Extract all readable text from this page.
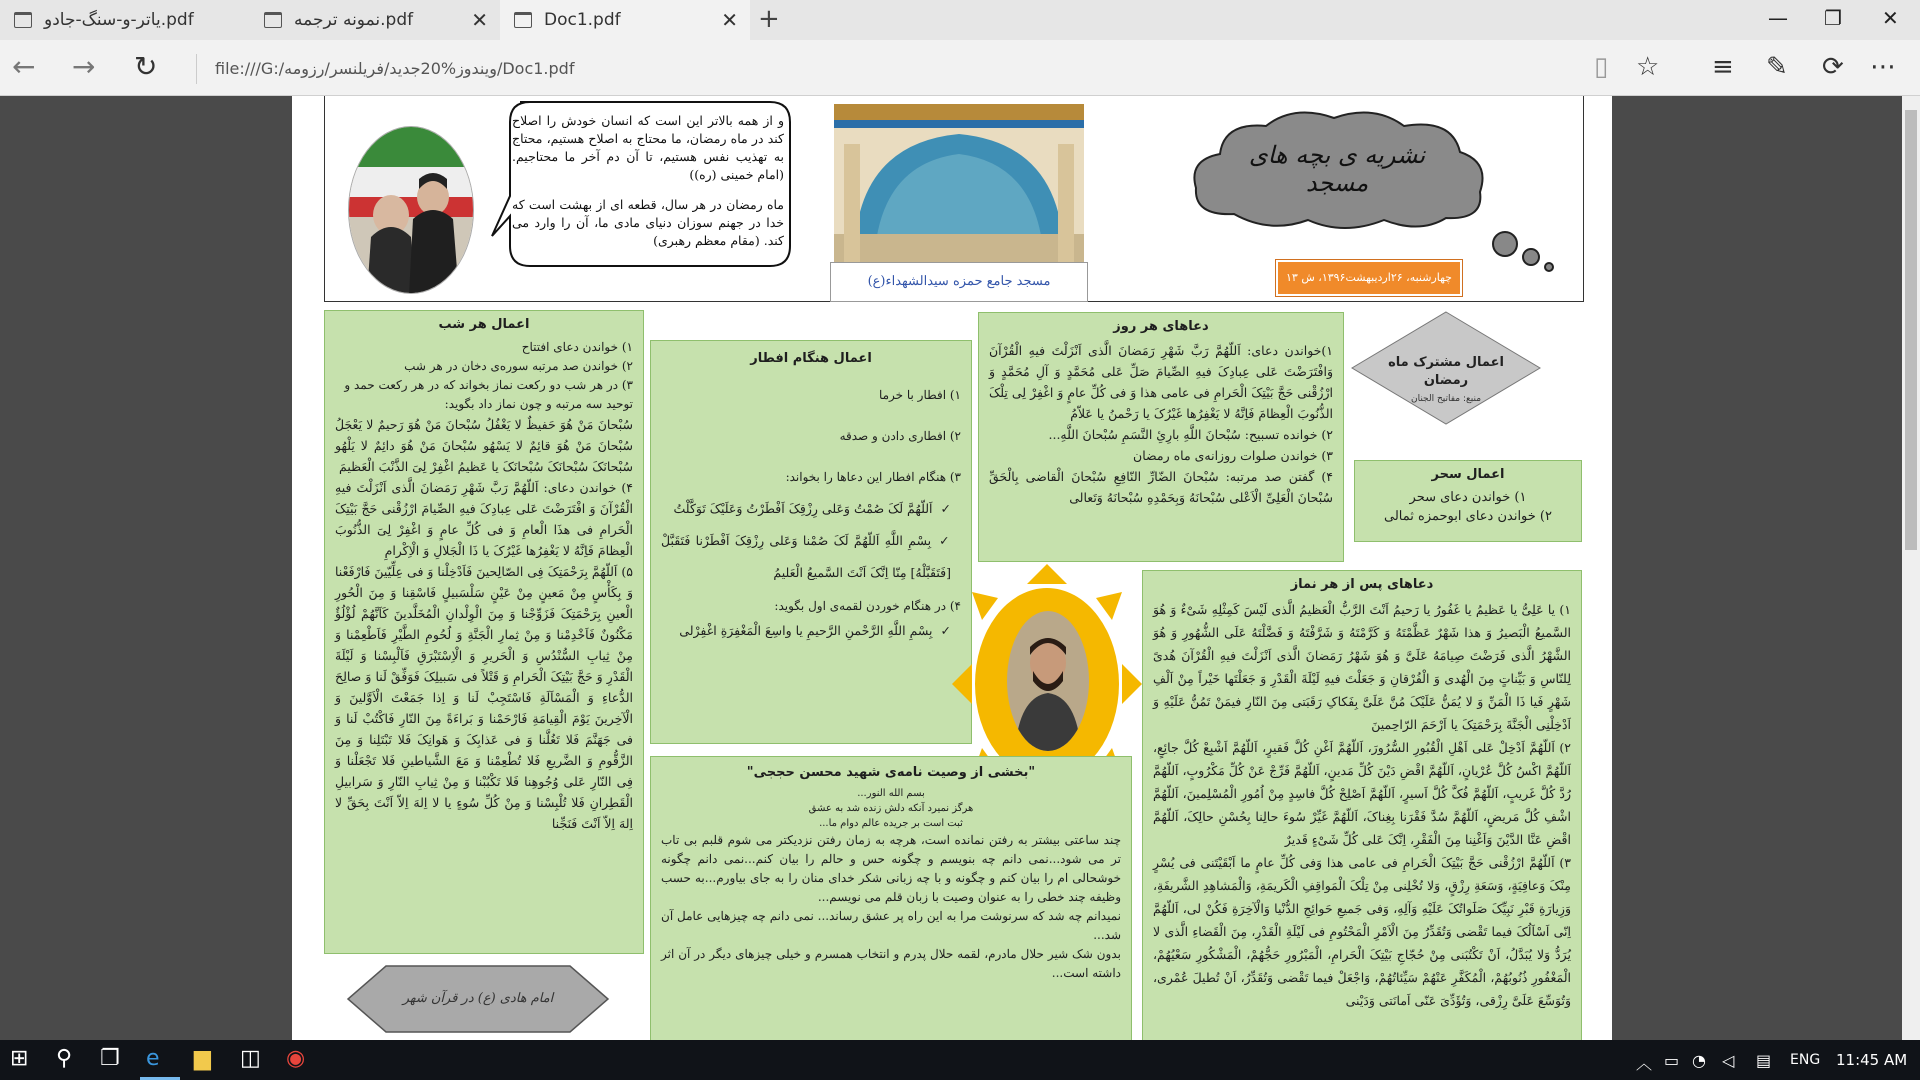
یاتر-و-سنگ-جادو.pdf	نمونه ترجمه.pdf	✕	Doc1.pdf	✕ +	— ❐ ✕
← → ↻	file:///G:/ویندوز%20جدید/فریلنسر/رزومه/Doc1.pdf	▯ ☆ ≡ ✎ ⟳ ⋯
و از همه بالاتر این است که انسان خودش را اصلاح کند در ماه رمضان، ما محتاج به اصلاح هستیم، محتاج به تهذیب نفس هستیم، تا آن دم آخر ما محتاجیم. (امام خمینی (ره))
ماه رمضان در هر سال، قطعه ای از بهشت است که خدا در جهنم سوزان دنیای مادی ما، آن را وارد می کند. (مقام معظم رهبری)
مسجد جامع حمزه سیدالشهداء(ع)
نشریه ی بچه های مسجد
چهارشنبه، ۲۶اردیبهشت۱۳۹۶، ش ۱۳
اعمال مشترک ماه رمضان
منبع: مفاتیح الجنان
اعمال سحر

۱) خواندن دعای سحر

۲) خواندن دعای ابوحمزه ثمالی

دعاهای هر روز
۱)خواندن دعای: اَللّهُمَّ رَبَّ شَهْرِ رَمَضانَ الَّذی اَنْزَلْتَ فیهِ الْقُرْآنَ وَافْتَرَضْتَ عَلی عِبادِکَ فیهِ الصِّیامَ صَلِّ عَلی مُحَمَّدٍ وَ آلِ مُحَمَّدٍ وَ ارْزُقْنی حَجَّ بَیْتِکَ الْحَرامِ فی عامی هذا وَ فی کُلِّ عامٍ وَ اغْفِرْ لِی تِلْکَ الذُّنُوبَ الْعِظامَ فَاِنَّهُ لا یَغْفِرُها غَیْرُکَ یا رَحْمنُ یا عَلاّمُ
۲) خوانده تسبیح: سُبْحانَ اللَّهِ بارِئِ النَّسَمِ سُبْحانَ اللَّهِ...
۳) خواندن صلوات روزانه‌ی ماه رمضان
۴) گفتن صد مرتبه: سُبْحانَ الضّارِّ النّافِعِ سُبْحانَ الْقاضی بِالْحَقِّ سُبْحانَ الْعَلِیِّ الْاَعْلی سُبْحانَهُ وَبِحَمْدِهِ سُبْحانَهُ وَتَعالی
اعمال هنگام افطار

۱) افطار با خرما

۲) افطاری دادن و صدقه

۳) هنگام افطار این دعاها را بخواند:

✓اَللّهُمَّ لَکَ صُمْتُ وَعَلی رِزْقِکَ اَفْطَرْتُ وَعَلَیْکَ تَوَکَّلْتُ
✓بِسْمِ اللَّهِ اَللّهُمَّ لَکَ صُمْنا وَعَلی رِزْقِکَ اَفْطَرْنا فَتَقَبَّلْ [فَتَقَبَّلْهُ] مِنّا اِنَّکَ اَنْتَ السَّمیعُ الْعَلیمُ

۴) در هنگام خوردن لقمه‌ی اول بگوید:

✓بِسْمِ اللَّهِ الرَّحْمنِ الرَّحیمِ یا واسِعَ الْمَغْفِرَةِ اغْفِرْلی
اعمال هر شب

۱) خواندن دعای افتتاح

۲) خواندن صد مرتبه سوره‌ی دخان در هر شب

۳) در هر شب دو رکعت نماز بخواند که در هر رکعت حمد و توحید سه مرتبه و چون نماز داد بگوید:

سُبْحانَ مَنْ هُوَ حَفیظٌ لا یَغْفُلُ سُبْحانَ مَنْ هُوَ رَحیمٌ لا یَعْجَلُ سُبْحانَ مَنْ هُوَ قائِمٌ لا یَسْهُو سُبْحانَ مَنْ هُوَ دائِمٌ لا یَلْهُو سُبْحانَکَ سُبْحانَکَ سُبْحانَکَ یا عَظیمُ اغْفِرْ لِیَ الذَّنْبَ الْعَظیمَ
۴) خواندن دعای: اَللّهُمَّ رَبَّ شَهْرِ رَمَضانَ الَّذی اَنْزَلْتَ فیهِ الْقُرْآنَ وَ افْتَرَضْتَ عَلی عِبادِکَ فیهِ الصِّیامَ ارْزُقْنی حَجَّ بَیْتِکَ الْحَرامِ فی هذَا الْعامِ وَ فی کُلِّ عامٍ وَ اغْفِرْ لِیَ الذُّنُوبَ الْعِظامَ فَاِنَّهُ لا یَغْفِرُها غَیْرُکَ یا ذَا الْجَلالِ وَ الْاِکْرامِ
۵) اَللّهُمَّ بِرَحْمَتِکَ فِی الصّالِحینَ فَاَدْخِلْنا وَ فی عِلِّیّینَ فَارْفَعْنا وَ بِکَأْسٍ مِنْ مَعینٍ مِنْ عَیْنٍ سَلْسَبیلٍ فَاسْقِنا وَ مِنَ الْحُورِ الْعینِ بِرَحْمَتِکَ فَزَوِّجْنا وَ مِنَ الْوِلْدانِ الْمُخَلَّدینَ کَاَنَّهُمْ لُؤْلُؤٌ مَکْنُونٌ فَاَخْدِمْنا وَ مِنْ ثِمارِ الْجَنَّةِ وَ لُحُومِ الطَّیْرِ فَاَطْعِمْنا وَ مِنْ ثِیابِ السُّنْدُسِ وَ الْحَریرِ وَ الْاِسْتَبْرَقِ فَاَلْبِسْنا وَ لَیْلَةَ الْقَدْرِ وَ حَجَّ بَیْتِکَ الْحَرامِ وَ قَتْلاً فی سَبیلِکَ فَوَفِّقْ لَنا وَ صالِحَ الدُّعاءِ وَ الْمَسْاَلَةِ فَاسْتَجِبْ لَنا وَ اِذا جَمَعْتَ الْاَوَّلینَ وَ الْآخِرینَ یَوْمَ الْقِیامَةِ فَارْحَمْنا وَ بَراءَةً مِنَ النّارِ فَاکْتُبْ لَنا وَ فی جَهَنَّمَ فَلا تَغُلَّنا وَ فی عَذابِکَ وَ هَوانِکَ فَلا تَبْتَلِنا وَ مِنَ الزَّقُّومِ وَ الضَّریعِ فَلا تُطْعِمْنا وَ مَعَ الشَّیاطینِ فَلا تَجْعَلْنا وَ فِی النّارِ عَلی وُجُوهِنا فَلا تَکْبُبْنا وَ مِنْ ثِیابِ النّارِ وَ سَرابیلِ الْقَطِرانِ فَلا تُلْبِسْنا وَ مِنْ کُلِّ سُوءٍ یا لا اِلهَ اِلاّ اَنْتَ بِحَقِّ لا اِلهَ اِلاّ اَنْتَ فَنَجِّنا
دعاهای پس از هر نماز
۱) یا عَلِیُّ یا عَظیمُ یا غَفُورُ یا رَحیمُ اَنْتَ الرَّبُّ الْعَظیمُ الَّذی لَیْسَ کَمِثْلِهِ شَیْءٌ وَ هُوَ السَّمیعُ الْبَصیرُ وَ هذا شَهْرٌ عَظَّمْتَهُ وَ کَرَّمْتَهُ وَ شَرَّفْتَهُ وَ فَضَّلْتَهُ عَلَی الشُّهُورِ وَ هُوَ الشَّهْرُ الَّذی فَرَضْتَ صِیامَهُ عَلَیَّ وَ هُوَ شَهْرُ رَمَضانَ الَّذی اَنْزَلْتَ فیهِ الْقُرْآنَ هُدیً لِلنّاسِ وَ بَیِّناتٍ مِنَ الْهُدی وَ الْفُرْقانِ وَ جَعَلْتَ فیهِ لَیْلَةَ الْقَدْرِ وَ جَعَلْتَها خَیْراً مِنْ اَلْفِ شَهْرٍ فَیا ذَا الْمَنِّ وَ لا یُمَنُّ عَلَیْکَ مُنَّ عَلَیَّ بِفَکاکِ رَقَبَتی مِنَ النّارِ فیمَنْ تَمُنُّ عَلَیْهِ وَ اَدْخِلْنِی الْجَنَّةَ بِرَحْمَتِکَ یا اَرْحَمَ الرّاحِمینَ
۲) اَللّهُمَّ اَدْخِلْ عَلی اَهْلِ الْقُبُورِ السُّرُورَ، اَللّهُمَّ اَغْنِ کُلَّ فَقیرٍ، اَللّهُمَّ اَشْبِعْ کُلَّ جائِعٍ، اَللّهُمَّ اکْسُ کُلَّ عُرْیانٍ، اَللّهُمَّ اقْضِ دَیْنَ کُلِّ مَدینٍ، اَللّهُمَّ فَرِّجْ عَنْ کُلِّ مَکْرُوبٍ، اَللّهُمَّ رُدَّ کُلَّ غَریبٍ، اَللّهُمَّ فُکَّ کُلَّ اَسیرٍ، اَللّهُمَّ اَصْلِحْ کُلَّ فاسِدٍ مِنْ اُمُورِ الْمُسْلِمینَ، اَللّهُمَّ اشْفِ کُلَّ مَریضٍ، اَللّهُمَّ سُدَّ فَقْرَنا بِغِناکَ، اَللّهُمَّ غَیِّرْ سُوءَ حالِنا بِحُسْنِ حالِکَ، اَللّهُمَّ اقْضِ عَنَّا الدَّیْنَ وَاَغْنِنا مِنَ الْفَقْرِ، اِنَّکَ عَلی کُلِّ شَیْءٍ قَدیرٌ
۳) اَللّهُمَّ ارْزُقْنی حَجَّ بَیْتِکَ الْحَرامِ فی عامی هذا وَفی کُلِّ عامٍ ما اَبْقَیْتَنی فی یُسْرٍ مِنْکَ وَعافِیَةٍ، وَسَعَةِ رِزْقٍ، وَلا تُخْلِنی مِنْ تِلْکَ الْمَواقِفِ الْکَریمَةِ، وَالْمَشاهِدِ الشَّریفَةِ، وَزِیارَةِ قَبْرِ نَبِیِّکَ صَلَواتُکَ عَلَیْهِ وَآلِهِ، وَفی جَمیعِ حَوائِجِ الدُّنْیا وَالْآخِرَةِ فَکُنْ لی، اَللّهُمَّ اِنّی اَسْاَلُکَ فیما تَقْضی وَتُقَدِّرُ مِنَ الْاَمْرِ الْمَحْتُومِ فی لَیْلَةِ الْقَدْرِ، مِنَ الْقَضاءِ الَّذی لا یُرَدُّ وَلا یُبَدَّلُ، اَنْ تَکْتُبَنی مِنْ حُجّاجِ بَیْتِکَ الْحَرامِ، الْمَبْرُورِ حَجُّهُمْ، الْمَشْکُورِ سَعْیُهُمْ، الْمَغْفُورِ ذُنُوبُهُمْ، الْمُکَفَّرِ عَنْهُمْ سَیِّئاتُهُمْ، وَاجْعَلْ فیما تَقْضی وَتُقَدِّرُ، اَنْ تُطیلَ عُمْری، وَتُوَسِّعَ عَلَیَّ رِزْقی، وَتُؤَدِّیَ عَنّی اَمانَتی وَدَیْنی
"بخشی از وصیت نامه‌ی شهید محسن حججی"

بسم الله النور...

هرگز نمیرد آنکه دلش زنده شد به عشق

ثبت است بر جریده عالم دوام ما...

چند ساعتی بیشتر به رفتن نمانده است، هرچه به زمان رفتن نزدیکتر می شوم قلبم بی تاب تر می شود...نمی دانم چه بنویسم و چگونه حس و حالم را بیان کنم...نمی دانم چگونه خوشحالی ام را بیان کنم و چگونه و با چه زبانی شکر خدای منان را به جای بیاورم...به حسب وظیفه چند خطی را به عنوان وصیت با زبان قلم می نویسم...

نمیدانم چه شد که سرنوشت مرا به این راه پر عشق رساند... نمی دانم چه چیزهایی عامل آن شد...

بدون شک شیر حلال مادرم، لقمه حلال پدرم و انتخاب همسرم و خیلی چیزهای دیگر در آن اثر داشته است...

امام هادی (ع) در قرآن شهر
⊞ ⚲ ❐ e ▆ ◫ ◉	︿ ▭ ◔ ◁ ▤ ENG 11:45 AM
